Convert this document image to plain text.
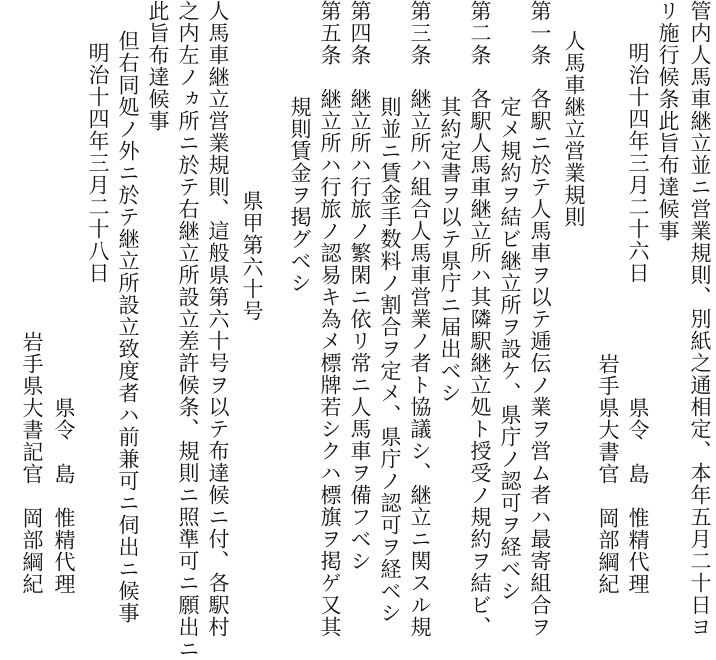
管内人馬車継立並ニ営業規則、別紙之通相定、本年五月二十日ヨ
リ施行候条此旨布達候事
明治十四年三月二十六日
県令　島　惟精代理
岩手県大書官　岡部綱紀
人馬車継立営業規則
第一条　各駅ニ於テ人馬車ヲ以テ逓伝ノ業ヲ営ム者ハ最寄組合ヲ
定メ規約ヲ結ビ継立所ヲ設ケ、県庁ノ認可ヲ経ベシ
第二条　各駅人馬車継立所ハ其隣駅継立処ト授受ノ規約ヲ結ビ、
其約定書ヲ以テ県庁ニ届出ベシ
第三条　継立所ハ組合人馬車営業ノ者ト協議シ、継立ニ関スル規
則並ニ賃金手数料ノ割合ヲ定メ、県庁ノ認可ヲ経ベシ
第四条　継立所ハ行旅ノ繁閑ニ依リ常ニ人馬車ヲ備フベシ
第五条　継立所ハ行旅ノ認易キ為メ標牌若シクハ標旗ヲ掲ゲ又其
規則賃金ヲ掲グベシ
県甲第六十号
人馬車継立営業規則、這般県第六十号ヲ以テ布達候ニ付、各駅村
之内左ノヵ所ニ於テ右継立所設立差許候条、規則ニ照準可ニ願出ニ
此旨布達候事
但右同処ノ外ニ於テ継立所設立致度者ハ前兼可ニ伺出ニ候事
明治十四年三月二十八日
県令　島　惟精代理
岩手県大書記官　岡部綱紀
